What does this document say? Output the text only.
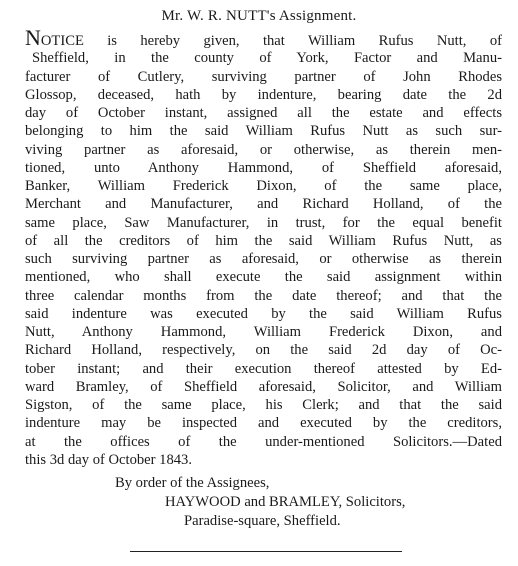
Mr. W. R. NUTT's Assignment.
NOTICE is hereby given, that William Rufus Nutt, of
Sheffield, in the county of York, Factor and Manu-
facturer of Cutlery, surviving partner of John Rhodes
Glossop, deceased, hath by indenture, bearing date the 2d
day of October instant, assigned all the estate and effects
belonging to him the said William Rufus Nutt as such sur-
viving partner as aforesaid, or otherwise, as therein men-
tioned, unto Anthony Hammond, of Sheffield aforesaid,
Banker, William Frederick Dixon, of the same place,
Merchant and Manufacturer, and Richard Holland, of the
same place, Saw Manufacturer, in trust, for the equal benefit
of all the creditors of him the said William Rufus Nutt, as
such surviving partner as aforesaid, or otherwise as therein
mentioned, who shall execute the said assignment within
three calendar months from the date thereof; and that the
said indenture was executed by the said William Rufus
Nutt, Anthony Hammond, William Frederick Dixon, and
Richard Holland, respectively, on the said 2d day of Oc-
tober instant; and their execution thereof attested by Ed-
ward Bramley, of Sheffield aforesaid, Solicitor, and William
Sigston, of the same place, his Clerk; and that the said
indenture may be inspected and executed by the creditors,
at the offices of the under-mentioned Solicitors.—Dated
this 3d day of October 1843.
By order of the Assignees,
HAYWOOD and BRAMLEY, Solicitors,
Paradise-square, Sheffield.
